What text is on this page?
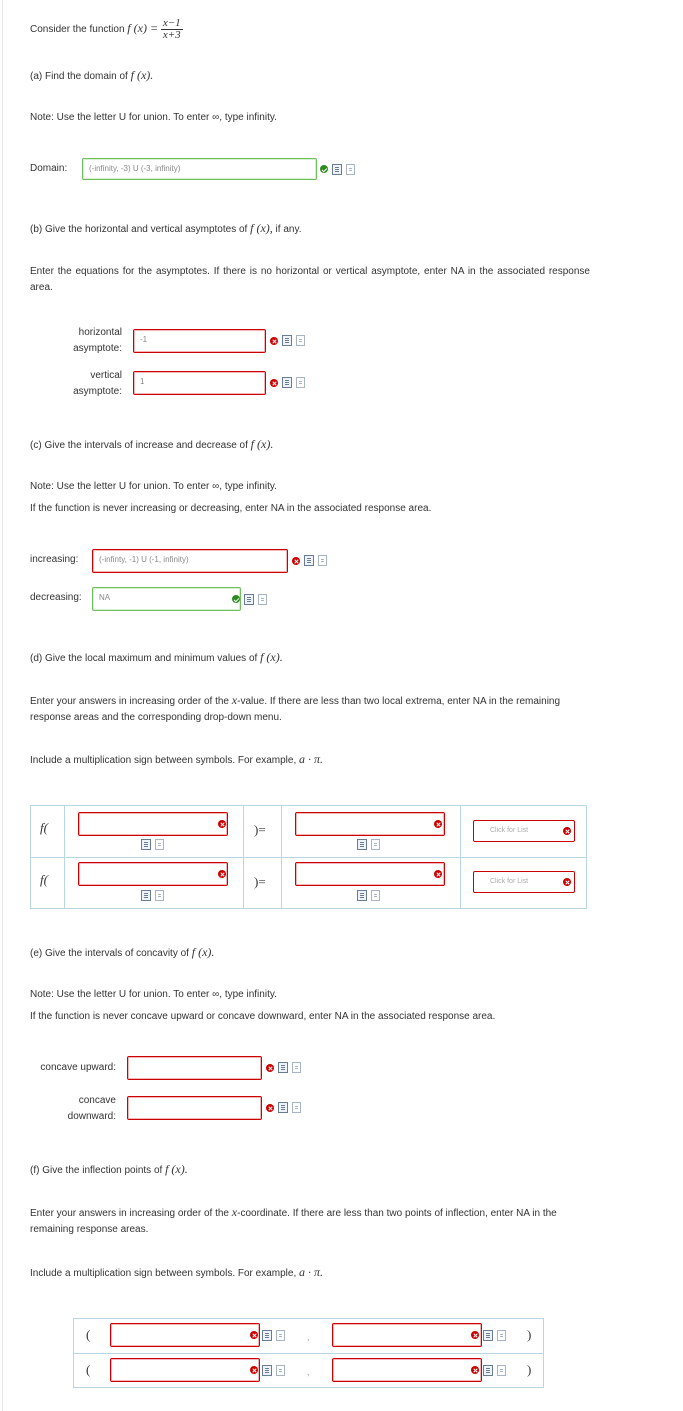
Consider the function f $(x) = \frac{x-1}{x+3}$
(a) Find the domain of f (x).
Note: Use the letter U for union. To enter ∞, type infinity.
Domain:	(-infinity, -3) U (-3, infinity)
(b) Give the horizontal and vertical asymptotes of f (x), if any.
Enter the equations for the asymptotes. If there is no horizontal or vertical asymptote, enter NA in the associated response area.
horizontal
asymptote:
-1
vertical
asymptote:
1
(c) Give the intervals of increase and decrease of f (x).
Note: Use the letter U for union. To enter ∞, type infinity.
If the function is never increasing or decreasing, enter NA in the associated response area.
increasing:	(-infinty, -1) U (-1, infinity)
decreasing:	NA
(d) Give the local maximum and minimum values of f (x).
Enter your answers in increasing order of the x-value. If there are less than two local extrema, enter NA in the remaining response areas and the corresponding drop-down menu.
Include a multiplication sign between symbols. For example, a · π.
f(	)=	Click for List
f(	)=	Click for List
(e) Give the intervals of concavity of f (x).
Note: Use the letter U for union. To enter ∞, type infinity.
If the function is never concave upward or concave downward, enter NA in the associated response area.
concave upward:
concave
downward:
(f) Give the inflection points of f (x).
Enter your answers in increasing order of the x-coordinate. If there are less than two points of inflection, enter NA in the remaining response areas.
Include a multiplication sign between symbols. For example, a · π.
(	,	)
(	,	)
